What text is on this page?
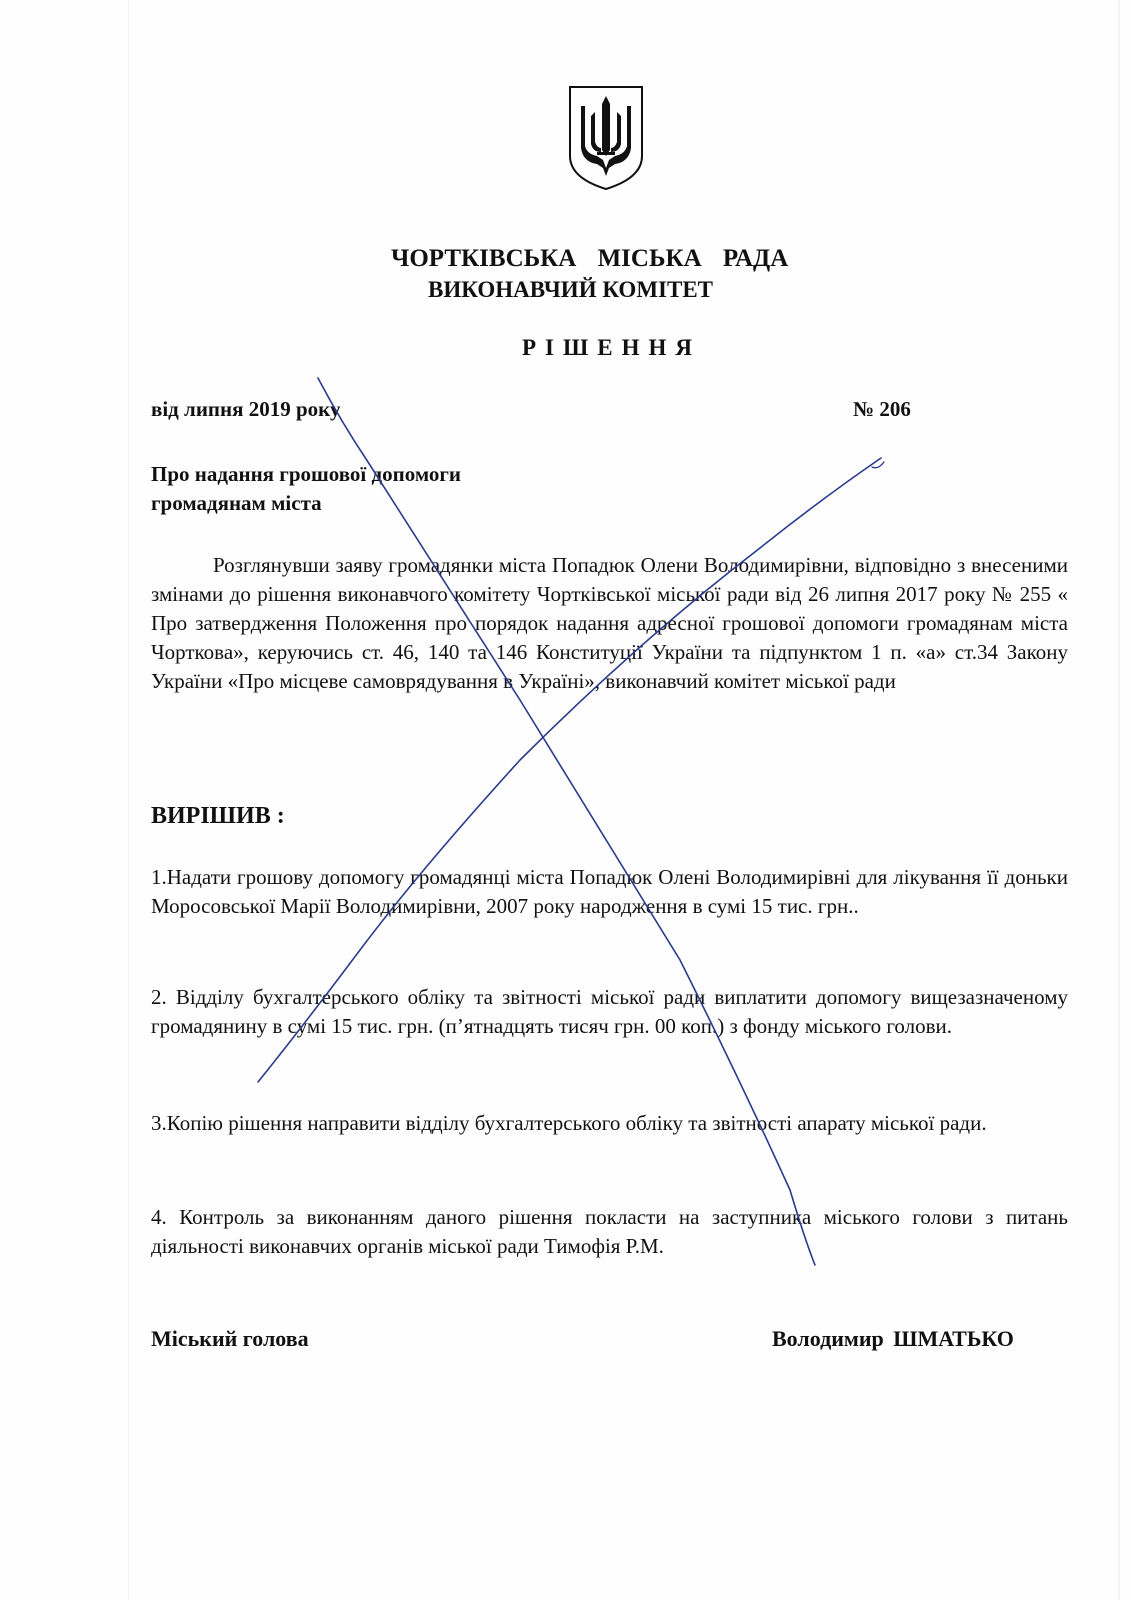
ЧОРТКІВСЬКА МІСЬКА РАДА
ВИКОНАВЧИЙ КОМІТЕТ
РІШЕННЯ
від липня 2019 року	№ 206
Про надання грошової допомоги
громадянам міста
Розглянувши заяву громадянки міста Попадюк Олени Володимирівни, відповідно з внесеними змінами до рішення виконавчого комітету Чортківської міської ради від 26 липня 2017 року № 255 « Про затвердження Положення про порядок надання адресної грошової допомоги громадянам міста Чорткова», керуючись ст. 46, 140 та 146 Конституції України та підпунктом 1 п. «а» ст.34 Закону України «Про місцеве самоврядування в Україні», виконавчий комітет міської ради
ВИРІШИВ :
1.Надати грошову допомогу громадянці міста Попадюк Олені Володимирівні для лікування її доньки Моросовської Марії Володимирівни, 2007 року народження в сумі 15 тис. грн..
2. Відділу бухгалтерського обліку та звітності міської ради виплатити допомогу вищезазначеному громадянину в сумі 15 тис. грн. (п’ятнадцять тисяч грн. 00 коп.) з фонду міського голови.
3.Копію рішення направити відділу бухгалтерського обліку та звітності апарату міської ради.
4. Контроль за виконанням даного рішення покласти на заступника міського голови з питань діяльності виконавчих органів міської ради Тимофія Р.М.
Міський голова	Володимир ШМАТЬКО
